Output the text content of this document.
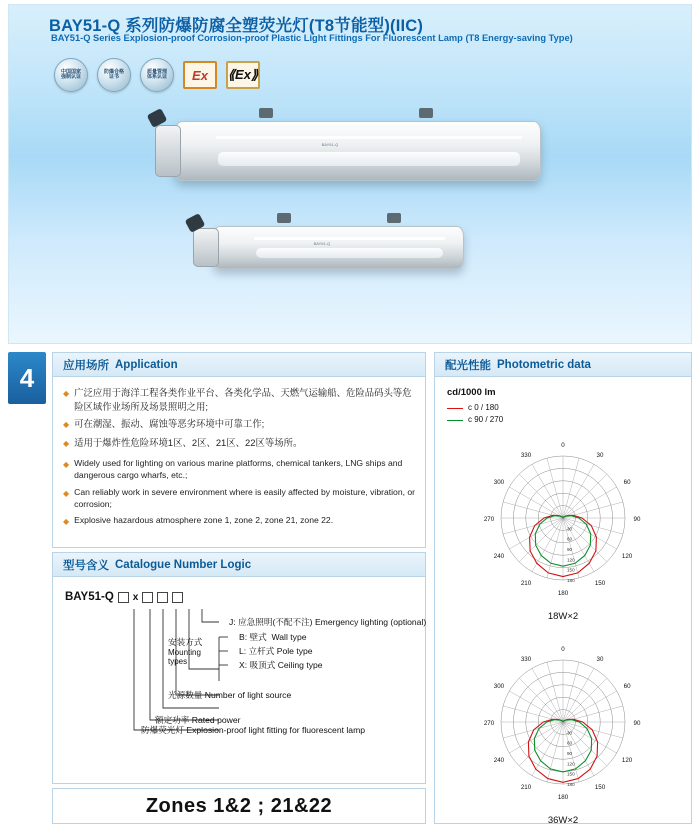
BAY51-Q 系列防爆防腐全塑荧光灯(T8节能型)(IIC)
BAY51-Q Series Explosion-proof Corrosion-proof Plastic Light Fittings For Fluorescent Lamp (T8 Energy-saving Type)
中国国家
强制认证
防爆合格
证书
质量管理
体系认证	Ex	⟪Ex⟫
BAY51-Q
BAY51-Q
4	应用场所 Application
◆ 广泛应用于海洋工程各类作业平台、各类化学品、天燃气运输船、危险品码头等危险区域作业场所及场景照明之用;
◆ 可在潮湿、振动、腐蚀等恶劣环境中可靠工作;
◆ 适用于爆炸性危险环境1区、2区、21区、22区等场所。
◆ Widely used for lighting on various marine platforms, chemical tankers, LNG ships and dangerous cargo wharfs, etc.;
◆ Can reliably work in severe environment where is easily affected by moisture, vibration, or corrosion;
◆ Explosive hazardous atmosphere zone 1, zone 2, zone 21, zone 22.
型号含义 Catalogue Number Logic
BAY51-Q x
J: 应急照明(不配不注) Emergency lighting (optional)
B: 壁式 Wall type
L: 立杆式 Pole type
X: 吸顶式 Ceiling type
安装方式
Mounting
types
光源数量 Number of light source
额定功率 Rated power
防爆荧光灯 Explosion-proof light fitting for fluorescent lamp
Zones 1&2 ; 21&22
配光性能 Photometric data
cd/1000 lm
c 0 / 180
c 90 / 270
180
150
120
90
60
30
0
330
300
270
240
210
30
60
90
120
150
180
18W×2
180
150
120
90
60
30
0
330
300
270
240
210
30
60
90
120
150
180
36W×2
